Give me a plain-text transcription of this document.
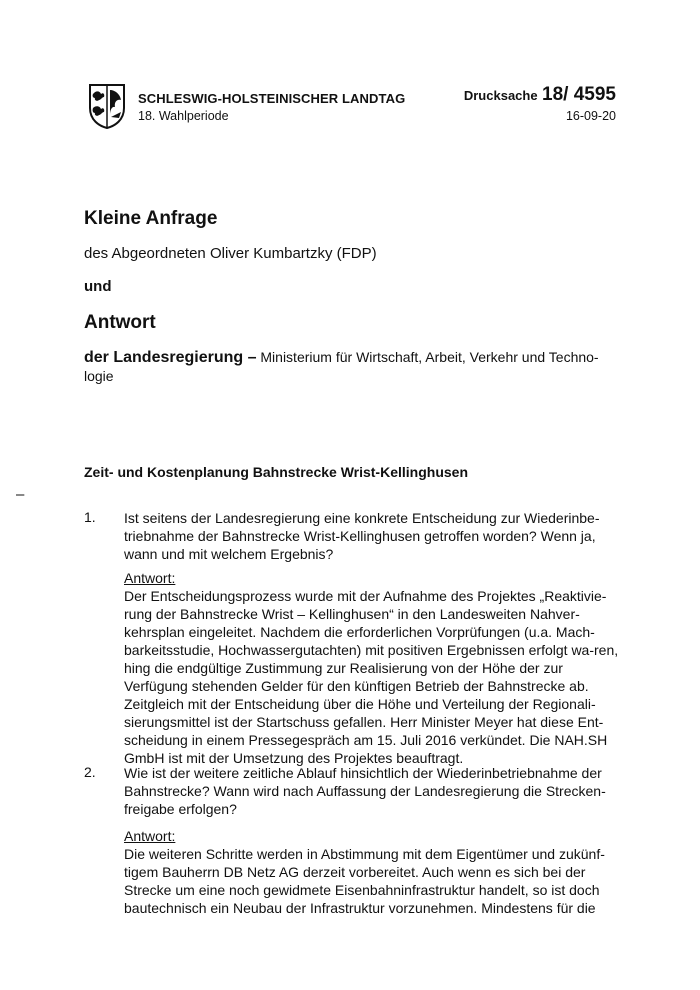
SCHLESWIG-HOLSTEINISCHER LANDTAG
18. Wahlperiode
Drucksache 18/ 4595
16-09-20
Kleine Anfrage
des Abgeordneten Oliver Kumbartzky (FDP)
und
Antwort
der Landesregierung – Ministerium für Wirtschaft, Arbeit, Verkehr und Techno-logie
Zeit- und Kostenplanung Bahnstrecke Wrist-Kellinghusen
–
1. Ist seitens der Landesregierung eine konkrete Entscheidung zur Wiederinbe-triebnahme der Bahnstrecke Wrist-Kellinghusen getroffen worden? Wenn ja, wann und mit welchem Ergebnis?
Antwort:
Der Entscheidungsprozess wurde mit der Aufnahme des Projektes „Reaktivie-rung der Bahnstrecke Wrist – Kellinghusen“ in den Landesweiten Nahver-kehrsplan eingeleitet. Nachdem die erforderlichen Vorprüfungen (u.a. Mach-barkeitsstudie, Hochwassergutachten) mit positiven Ergebnissen erfolgt wa-ren, hing die endgültige Zustimmung zur Realisierung von der Höhe der zur Verfügung stehenden Gelder für den künftigen Betrieb der Bahnstrecke ab. Zeitgleich mit der Entscheidung über die Höhe und Verteilung der Regionali-sierungsmittel ist der Startschuss gefallen. Herr Minister Meyer hat diese Ent-scheidung in einem Pressegespräch am 15. Juli 2016 verkündet. Die NAH.SH GmbH ist mit der Umsetzung des Projektes beauftragt.
2. Wie ist der weitere zeitliche Ablauf hinsichtlich der Wiederinbetriebnahme der Bahnstrecke? Wann wird nach Auffassung der Landesregierung die Strecken-freigabe erfolgen?
Antwort:
Die weiteren Schritte werden in Abstimmung mit dem Eigentümer und zukünf-tigem Bauherrn DB Netz AG derzeit vorbereitet. Auch wenn es sich bei der Strecke um eine noch gewidmete Eisenbahninfrastruktur handelt, so ist doch bautechnisch ein Neubau der Infrastruktur vorzunehmen. Mindestens für die
